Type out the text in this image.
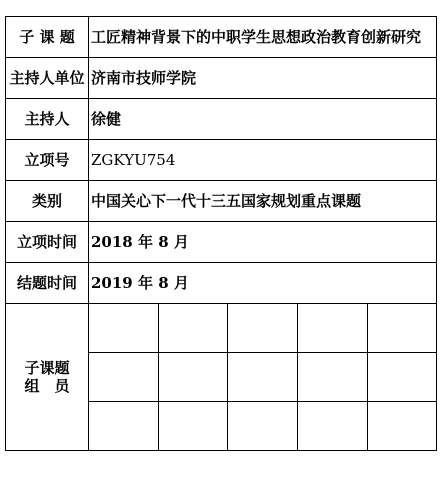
子 课 题	工匠精神背景下的中职学生思想政治教育创新研究				
主持人单位	济南市技师学院				
主持人	徐健				
立项号	ZGKYU754				
类别	中国关心下一代十三五国家规划重点课题				
立项时间	2018 年 8 月				
结题时间	2019 年 8 月				

子课题
组　员					
